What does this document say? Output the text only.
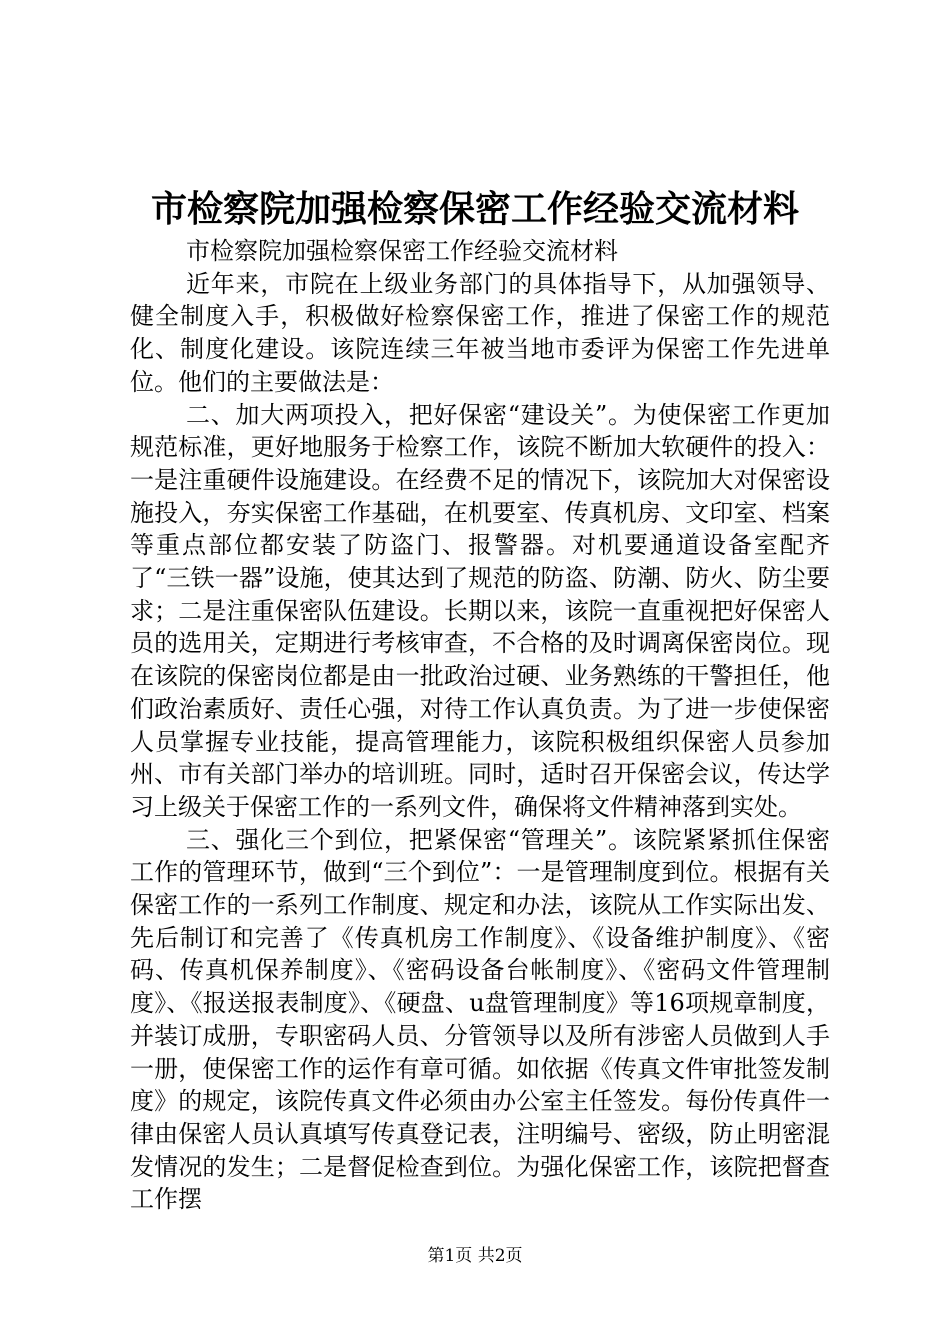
市检察院加强检察保密工作经验交流材料

市检察院加强检察保密工作经验交流材料

近年来，市院在上级业务部门的具体指导下，从加强领导、健全制度入手，积极做好检察保密工作，推进了保密工作的规范化、制度化建设。该院连续三年被当地市委评为保密工作先进单位。他们的主要做法是：

二、加大两项投入，把好保密“建设关”。为使保密工作更加规范标准，更好地服务于检察工作，该院不断加大软硬件的投入：一是注重硬件设施建设。在经费不足的情况下，该院加大对保密设施投入，夯实保密工作基础，在机要室、传真机房、文印室、档案等重点部位都安装了防盗门、报警器。对机要通道设备室配齐了“三铁一器”设施，使其达到了规范的防盗、防潮、防火、防尘要求；二是注重保密队伍建设。长期以来，该院一直重视把好保密人员的选用关，定期进行考核审查，不合格的及时调离保密岗位。现在该院的保密岗位都是由一批政治过硬、业务熟练的干警担任，他们政治素质好、责任心强，对待工作认真负责。为了进一步使保密人员掌握专业技能，提高管理能力，该院积极组织保密人员参加州、市有关部门举办的培训班。同时，适时召开保密会议，传达学习上级关于保密工作的一系列文件，确保将文件精神落到实处。

三、强化三个到位，把紧保密“管理关”。该院紧紧抓住保密工作的管理环节，做到“三个到位”：一是管理制度到位。根据有关保密工作的一系列工作制度、规定和办法，该院从工作实际出发、先后制订和完善了《传真机房工作制度》、《设备维护制度》、《密码、传真机保养制度》、《密码设备台帐制度》、《密码文件管理制度》、《报送报表制度》、《硬盘、u盘管理制度》等16项规章制度，并装订成册，专职密码人员、分管领导以及所有涉密人员做到人手一册，使保密工作的运作有章可循。如依据《传真文件审批签发制度》的规定，该院传真文件必须由办公室主任签发。每份传真件一律由保密人员认真填写传真登记表，注明编号、密级，防止明密混发情况的发生；二是督促检查到位。为强化保密工作，该院把督查工作摆

第1页 共2页
